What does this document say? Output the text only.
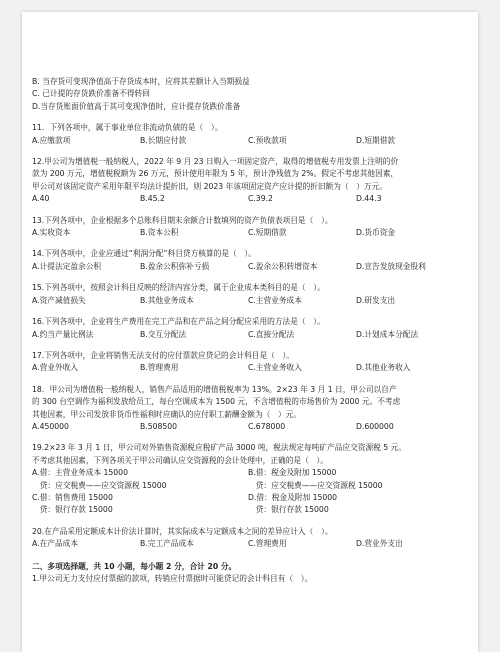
B. 当存货可变现净值高于存货成本时，应将其差额计入当期损益
C. 已计提的存货跌价准备不得转回
D.当存货账面价值高于其可变现净值时，应计提存货跌价准备
11．下列各项中，属于事业单位非流动负债的是（　）。
A.应缴款项	B.长期应付款	C.预收款项	D.短期借款
12.甲公司为增值税一般纳税人，2022 年 9 月 23 日购入一项固定资产，取得的增值税专用发票上注明的价
款为 200 万元，增值税税额为 26 万元，预计使用年限为 5 年，预计净残值为 2%。假定不考虑其他因素，
甲公司对该固定资产采用年限平均法计提折旧，则 2023 年该项固定资产应计提的折旧额为（　）万元。
A.40	B.45.2	C.39.2	D.44.3
13.下列各项中，企业根据多个总账科目期末余额合计数填列的资产负债表项目是（　）。
A.实收资本	B.资本公积	C.短期借款	D.货币资金
14.下列各项中，企业应通过“利润分配”科目贷方核算的是（　）。
A.计提法定盈余公积	B.盈余公积弥补亏损	C.盈余公积转增资本	D.宣告发放现金股利
15.下列各项中，按照会计科目反映的经济内容分类，属于企业成本类科目的是（　）。
A.资产减值损失	B.其他业务成本	C.主营业务成本	D.研发支出
16.下列各项中，企业将生产费用在完工产品和在产品之间分配应采用的方法是（　）。
A.约当产量比例法	B.交互分配法	C.直接分配法	D.计划成本分配法
17.下列各项中，企业将销售无法支付的应付票款应贷记的会计科目是（　）。
A.营业外收入	B.管理费用	C.主营业务收入	D.其他业务收入
18．甲公司为增值税一般纳税人，销售产品适用的增值税税率为 13%。2×23 年 3 月 1 日，甲公司以自产
的 300 台空调作为福利发放给员工，每台空调成本为 1500 元，不含增值税的市场售价为 2000 元。不考虑
其他因素，甲公司发放非货币性福利时应确认的应付职工薪酬金额为（　）元。
A.450000	B.508500	C.678000	D.600000
19.2×23 年 3 月 1 日，甲公司对外销售资源税应税矿产品 3000 吨，税法规定每吨矿产品应交资源税 5 元。
不考虑其他因素，下列各项关于甲公司确认应交资源税的会计处理中，正确的是（　）。
A.借：主营业务成本 15000	B.借：税金及附加 15000
　贷：应交税费——应交资源税 15000	　贷：应交税费——应交资源税 15000
C.借：销售费用 15000	D.借：税金及附加 15000
　贷：银行存款 15000	　贷：银行存款 15000
20.在产品采用定额成本计价法计算时，其实际成本与定额成本之间的差异应计入（　）。
A.在产品成本	B.完工产品成本	C.管理费用	D.营业外支出
二、多项选择题，共 10 小题，每小题 2 分，合计 20 分。
1.甲公司无力支付应付票据的款项，转销应付票据时可能贷记的会计科目有（　）。
